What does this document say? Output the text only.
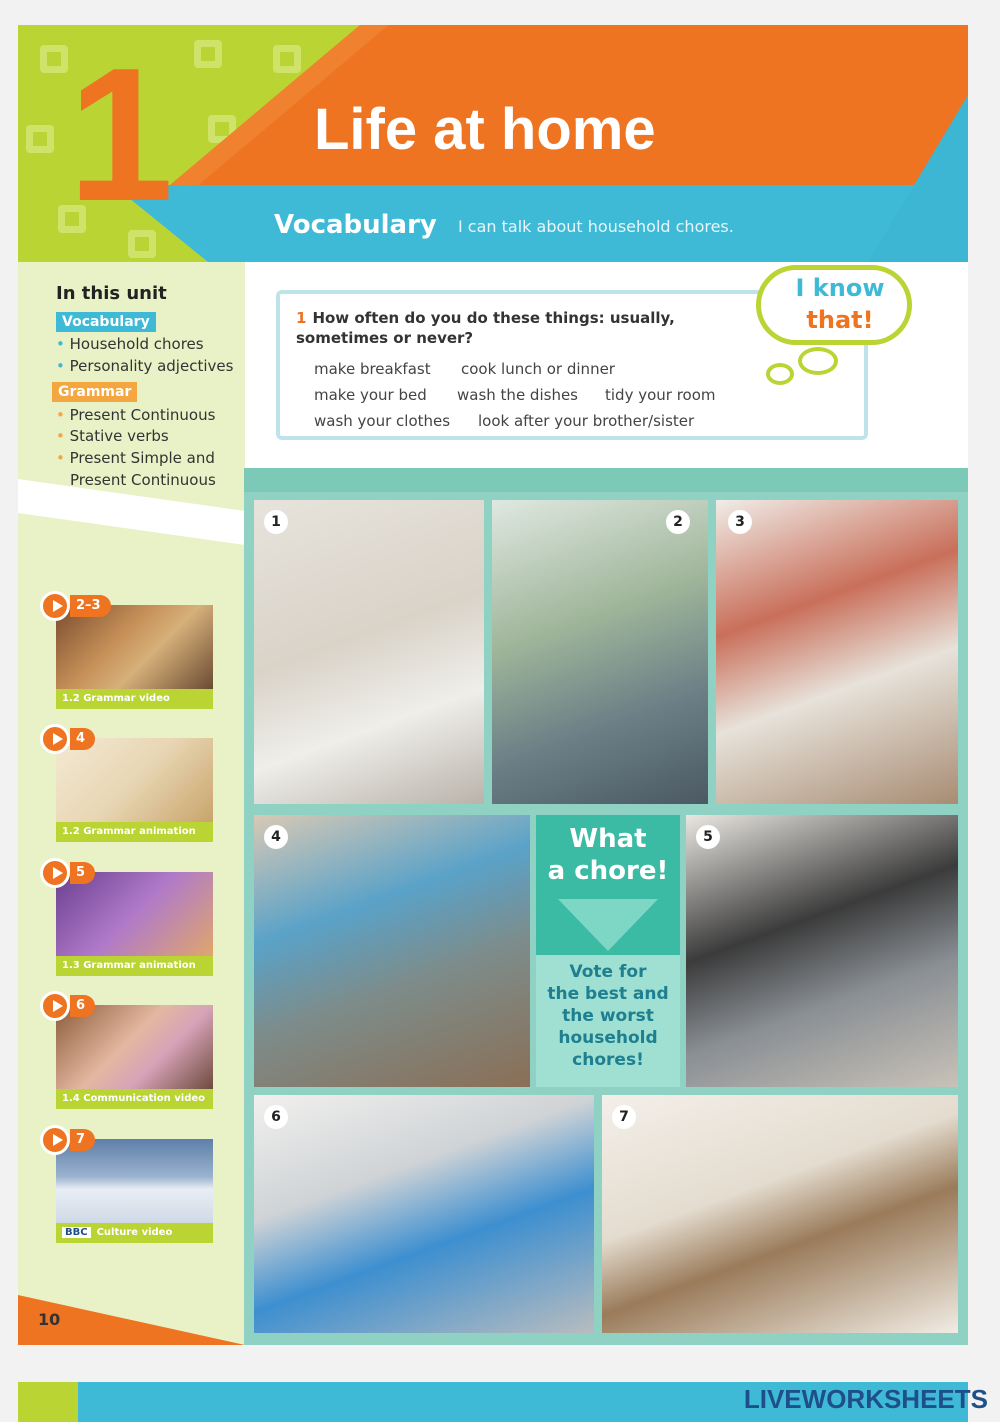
1 Life at home
Vocabulary I can talk about household chores.
In this unit
Vocabulary
• Household chores
• Personality adjectives
Grammar
• Present Continuous
• Stative verbs
• Present Simple and
Present Continuous
2–3
1.2 Grammar video
4
1.2 Grammar animation
5
1.3 Grammar animation
6
1.4 Communication video
7
BBC Culture video
10
1 How often do you do these things: usually, sometimes or never?
make breakfast cook lunch or dinner
make your bed wash the dishes tidy your room
wash your clothes look after your brother/sister
I know
that!
1	2	3
4	What
a chore!
Vote for
the best and
the worst
household
chores!
5
6	7
LIVEWORKSHEETS
